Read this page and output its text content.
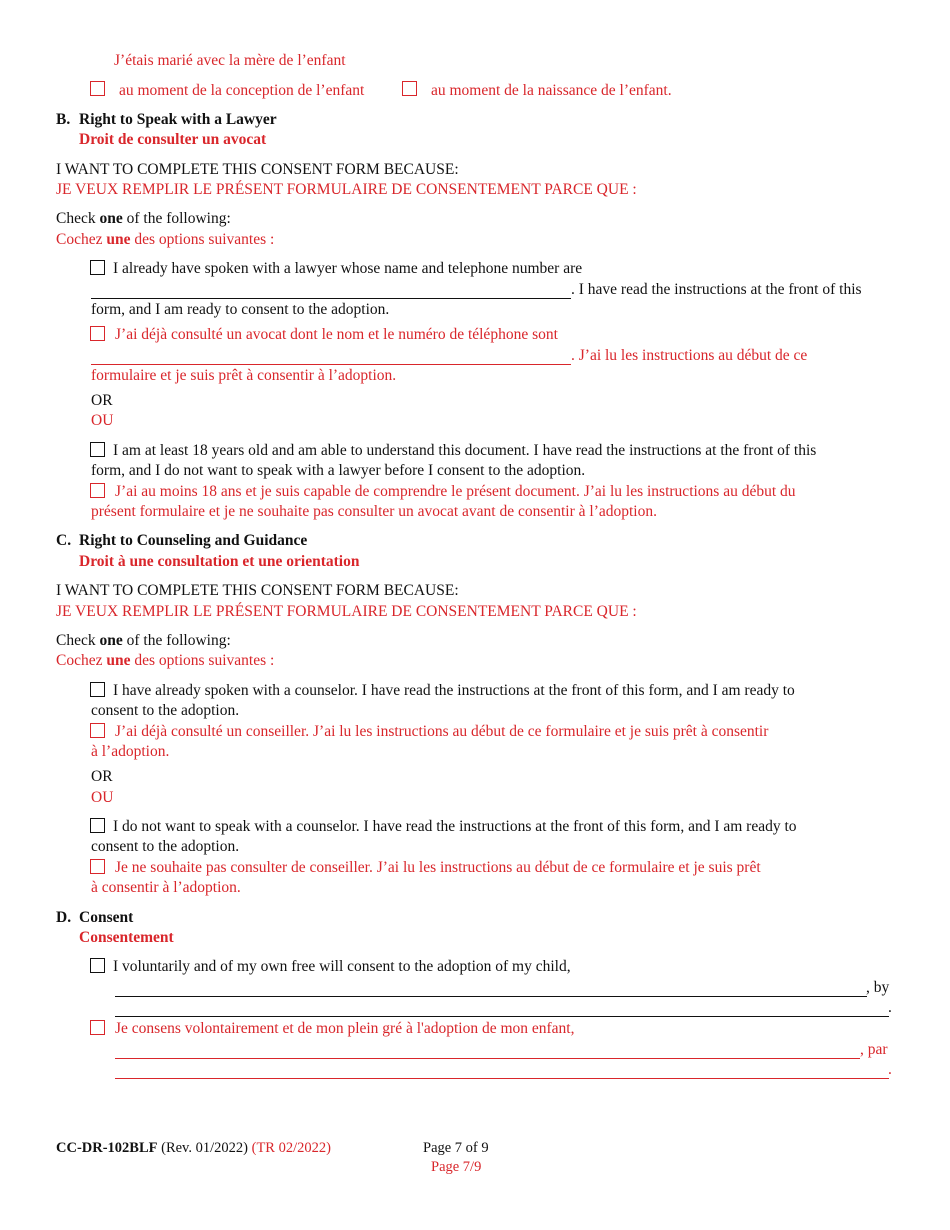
J’étais marié avec la mère de l’enfant
au moment de la conception de l’enfant	au moment de la naissance de l’enfant.
B. Right to Speak with a Lawyer
Droit de consulter un avocat
I WANT TO COMPLETE THIS CONSENT FORM BECAUSE:
JE VEUX REMPLIR LE PRÉSENT FORMULAIRE DE CONSENTEMENT PARCE QUE :
Check one of the following:
Cochez une des options suivantes :
I already have spoken with a lawyer whose name and telephone number are
. I have read the instructions at the front of this
form, and I am ready to consent to the adoption.
J’ai déjà consulté un avocat dont le nom et le numéro de téléphone sont
. J’ai lu les instructions au début de ce
formulaire et je suis prêt à consentir à l’adoption.
OR
OU
I am at least 18 years old and am able to understand this document. I have read the instructions at the front of this
form, and I do not want to speak with a lawyer before I consent to the adoption.
J’ai au moins 18 ans et je suis capable de comprendre le présent document. J’ai lu les instructions au début du
présent formulaire et je ne souhaite pas consulter un avocat avant de consentir à l’adoption.
C. Right to Counseling and Guidance
Droit à une consultation et une orientation
I WANT TO COMPLETE THIS CONSENT FORM BECAUSE:
JE VEUX REMPLIR LE PRÉSENT FORMULAIRE DE CONSENTEMENT PARCE QUE :
Check one of the following:
Cochez une des options suivantes :
I have already spoken with a counselor. I have read the instructions at the front of this form, and I am ready to
consent to the adoption.
J’ai déjà consulté un conseiller. J’ai lu les instructions au début de ce formulaire et je suis prêt à consentir
à l’adoption.
OR
OU
I do not want to speak with a counselor. I have read the instructions at the front of this form, and I am ready to
consent to the adoption.
Je ne souhaite pas consulter de conseiller. J’ai lu les instructions au début de ce formulaire et je suis prêt
à consentir à l’adoption.
D. Consent
Consentement
I voluntarily and of my own free will consent to the adoption of my child,
, by
.
Je consens volontairement et de mon plein gré à l'adoption de mon enfant,
, par
.
CC-DR-102BLF (Rev. 01/2022) (TR 02/2022)	Page 7 of 9
Page 7/9
